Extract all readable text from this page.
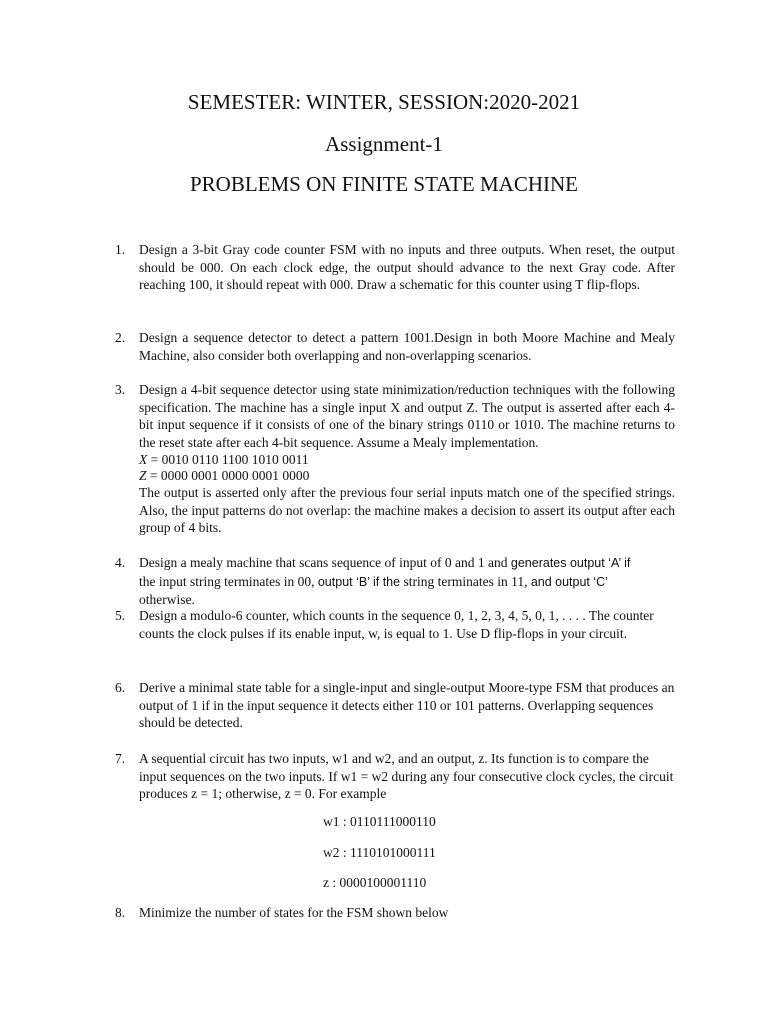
SEMESTER: WINTER, SESSION:2020-2021
Assignment-1
PROBLEMS ON FINITE STATE MACHINE
1. Design a 3-bit Gray code counter FSM with no inputs and three outputs. When reset, the output should be 000. On each clock edge, the output should advance to the next Gray code. After reaching 100, it should repeat with 000. Draw a schematic for this counter using T flip-flops.
2. Design a sequence detector to detect a pattern 1001.Design in both Moore Machine and Mealy Machine, also consider both overlapping and non-overlapping scenarios.
3. Design a 4-bit sequence detector using state minimization/reduction techniques with the following specification. The machine has a single input X and output Z. The output is asserted after each 4-bit input sequence if it consists of one of the binary strings 0110 or 1010. The machine returns to the reset state after each 4-bit sequence. Assume a Mealy implementation.
X = 0010 0110 1100 1010 0011
Z = 0000 0001 0000 0001 0000
The output is asserted only after the previous four serial inputs match one of the specified strings. Also, the input patterns do not overlap: the machine makes a decision to assert its output after each group of 4 bits.
4. Design a mealy machine that scans sequence of input of 0 and 1 and generates output ‘A’ if
the input string terminates in 00, output ‘B’ if the string terminates in 11, and output ‘C’
otherwise.
5. Design a modulo-6 counter, which counts in the sequence 0, 1, 2, 3, 4, 5, 0, 1, . . . . The counter counts the clock pulses if its enable input, w, is equal to 1. Use D flip-flops in your circuit.
6. Derive a minimal state table for a single-input and single-output Moore-type FSM that produces an output of 1 if in the input sequence it detects either 110 or 101 patterns. Overlapping sequences should be detected.
7. A sequential circuit has two inputs, w1 and w2, and an output, z. Its function is to compare the input sequences on the two inputs. If w1 = w2 during any four consecutive clock cycles, the circuit produces z = 1; otherwise, z = 0. For example
w1 : 0110111000110
w2 : 1110101000111
z : 0000100001110
8. Minimize the number of states for the FSM shown below
